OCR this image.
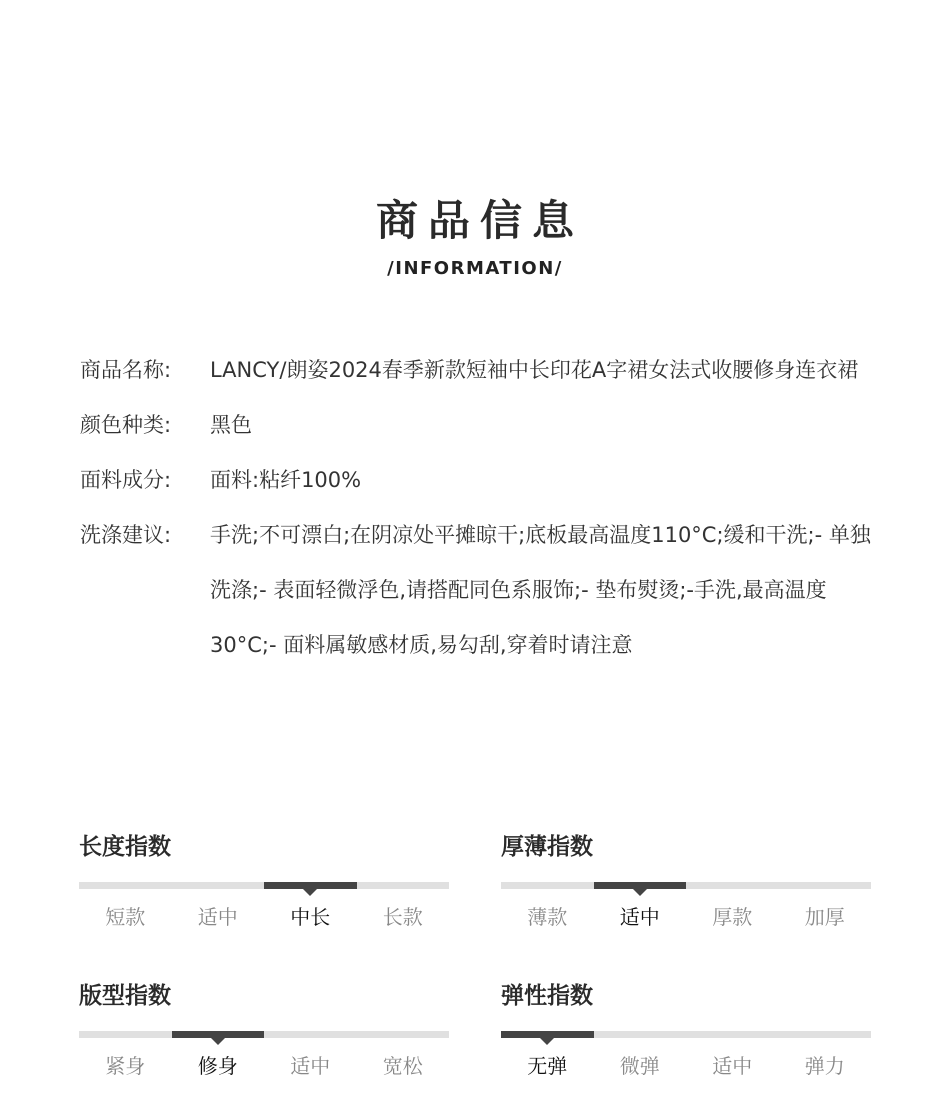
商品信息
/INFORMATION/
商品名称:	LANCY/朗姿2024春季新款短袖中长印花A字裙女法式收腰修身连衣裙
颜色种类:	黑色
面料成分:	面料:粘纤100%
洗涤建议:	手洗;不可漂白;在阴凉处平摊晾干;底板最高温度110°C;缓和干洗;- 单独洗涤;- 表面轻微浮色,请搭配同色系服饰;- 垫布熨烫;-手洗,最高温度30°C;- 面料属敏感材质,易勾刮,穿着时请注意
长度指数
短款	适中	中长	长款
厚薄指数
薄款	适中	厚款	加厚
版型指数
紧身	修身	适中	宽松
弹性指数
无弹	微弹	适中	弹力
